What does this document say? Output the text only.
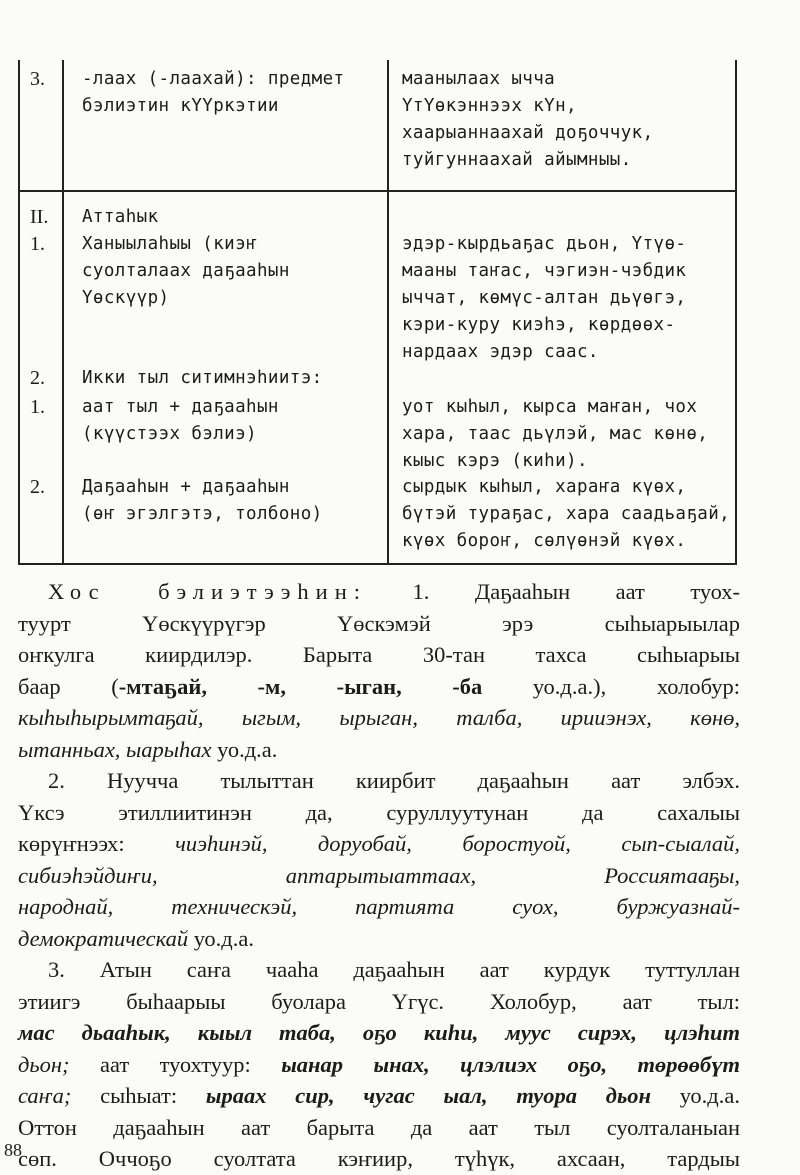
3. -лаах (-лаахай): предмет
бэлиэтин кҮҮркэтии
маанылаах ычча
ҮтҮөкэннээх кҮн,
хаарыаннаахай доҕоччук,
туйгуннаахай айымныы.
II. Аттаһык
1. Ханыылаһыы (киэҥ
суолталаах даҕааһын
Үөскүүр)
эдэр-кырдьаҕас дьон, Үтүө-
мааны таҥас, чэгиэн-чэбдик
ыччат, көмүс-алтан дьүөгэ,
кэри-куру киэһэ, көрдөөх-
нардаах эдэр саас.
2. Икки тыл ситимнэһиитэ:
1. аат тыл + даҕааһын
(күүстээх бэлиэ)
уот кыһыл, кырса маҥан, чох
хара, таас дьүлэй, мас көнө,
кыыс кэрэ (киһи).
2. Даҕааһын + даҕааһын
(өҥ эгэлгэтэ, толбоно)
сырдык кыһыл, хараҥа күөх,
бүтэй тураҕас, хара саадьаҕай,
күөх бороҥ, сөлүөнэй күөх.
Хос бэлиэтээһин: 1. Даҕааһын аат туох-
туурт Үөскүүрүгэр Үөскэмэй эрэ сыһыарыылар
оҥкулга киирдилэр. Барыта 30-тан тахса сыһыарыы
баар (-мтаҕай, -м, -ыган, -ба уо.д.а.), холобур:
кыһыһырымтаҕай, ыгым, ырыган, талба, ирииэнэх, көнө,
ытанньах, ыарыһах уо.д.а.
2. Нуучча тылыттан киирбит даҕааһын аат элбэх.
Үксэ этиллиитинэн да, суруллуутунан да сахалыы
көрүҥнээх: чиэһинэй, доруобай, боростуой, сып-сыалай,
сибиэһэйдиҥи, аптарытыаттаах, Россиятааҕы,
народнай, техническэй, партията суох, буржуазнай-
демократическай уо.д.а.
3. Атын саҥа чааһа даҕааһын аат курдук туттуллан
этиигэ быһаарыы буолара Үгүс. Холобур, аат тыл:
мас дьааһык, кыыл таба, оҕо киһи, муус сирэх, цлэһит
дьон; аат туохтуур: ыанар ынах, цлэлиэх оҕо, төрөөбүт
саҥа; сыһыат: ыраах сир, чугас ыал, туора дьон уо.д.а.
Оттон даҕааһын аат барыта да аат тыл суолталаныан
сөп. Оччоҕо суолтата кэҥиир, түһүк, ахсаан, тардыы
88
